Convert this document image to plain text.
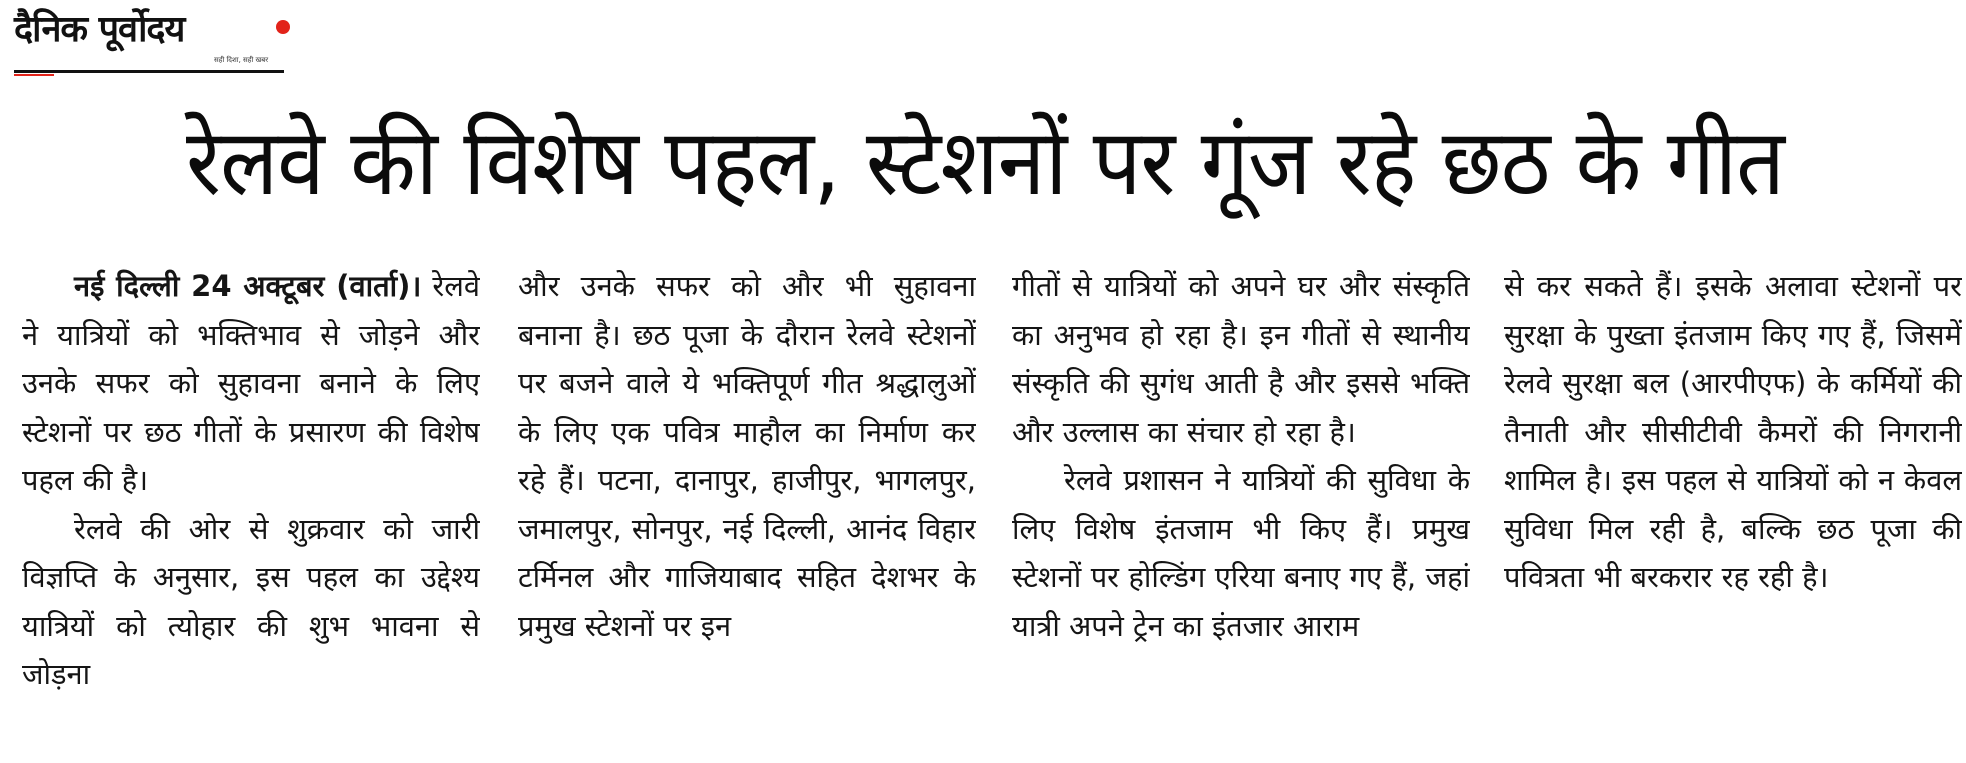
दैनिक पूर्वोदय
सही दिशा, सही खबर
रेलवे की विशेष पहल, स्टेशनों पर गूंज रहे छठ के गीत

नई दिल्ली 24 अक्टूबर (वार्ता)। रेलवे ने यात्रियों को भक्तिभाव से जोड़ने और उनके सफर को सुहावना बनाने के लिए स्टेशनों पर छठ गीतों के प्रसारण की विशेष पहल की है।

रेलवे की ओर से शुक्रवार को जारी विज्ञप्ति के अनुसार, इस पहल का उद्देश्य यात्रियों को त्योहार की शुभ भावना से जोड़ना

और उनके सफर को और भी सुहावना बनाना है। छठ पूजा के दौरान रेलवे स्टेशनों पर बजने वाले ये भक्तिपूर्ण गीत श्रद्धालुओं के लिए एक पवित्र माहौल का निर्माण कर रहे हैं। पटना, दानापुर, हाजीपुर, भागलपुर, जमालपुर, सोनपुर, नई दिल्ली, आनंद विहार टर्मिनल और गाजियाबाद सहित देशभर के प्रमुख स्टेशनों पर इन

गीतों से यात्रियों को अपने घर और संस्कृति का अनुभव हो रहा है। इन गीतों से स्थानीय संस्कृति की सुगंध आती है और इससे भक्ति और उल्लास का संचार हो रहा है।

रेलवे प्रशासन ने यात्रियों की सुविधा के लिए विशेष इंतजाम भी किए हैं। प्रमुख स्टेशनों पर होल्डिंग एरिया बनाए गए हैं, जहां यात्री अपने ट्रेन का इंतजार आराम

से कर सकते हैं। इसके अलावा स्टेशनों पर सुरक्षा के पुख्ता इंतजाम किए गए हैं, जिसमें रेलवे सुरक्षा बल (आरपीएफ) के कर्मियों की तैनाती और सीसीटीवी कैमरों की निगरानी शामिल है। इस पहल से यात्रियों को न केवल सुविधा मिल रही है, बल्कि छठ पूजा की पवित्रता भी बरकरार रह रही है।
